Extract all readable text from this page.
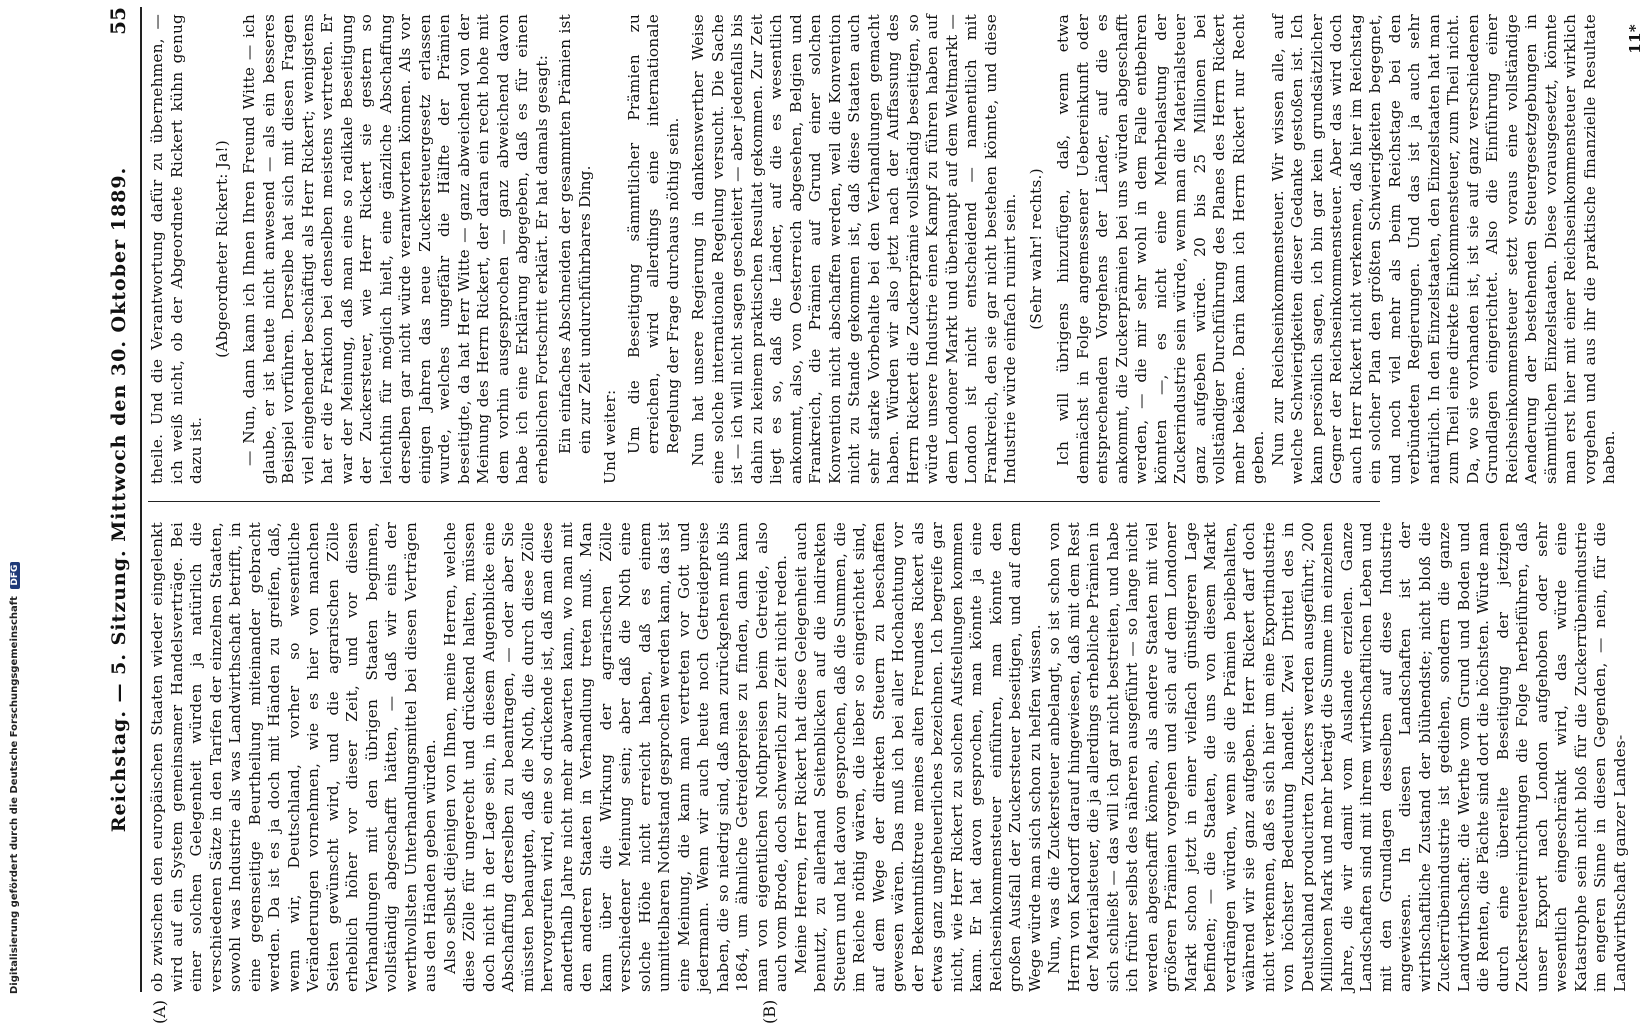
Reichstag. — 5. Sitzung. Mittwoch den 30. Oktober 1889.
55
(A)	(B)

ob zwischen den europäischen Staaten wieder eingelenkt wird auf ein System gemeinsamer Handelsverträge. Bei einer solchen Gelegenheit würden ja natürlich die verschiedenen Sätze in den Tarifen der einzelnen Staaten, sowohl was Industrie als was Landwirthschaft betrifft, in eine gegenseitige Beurtheilung miteinander gebracht werden. Da ist es ja doch mit Händen zu greifen, daß, wenn wir, Deutschland, vorher so wesentliche Veränderungen vornehmen, wie es hier von manchen Seiten gewünscht wird, und die agrarischen Zölle erheblich höher vor dieser Zeit, und vor diesen Verhandlungen mit den übrigen Staaten beginnen, vollständig abgeschafft hätten, — daß wir eins der werthvollsten Unterhandlungsmittel bei diesen Verträgen aus den Händen geben würden. Also selbst diejenigen von Ihnen, meine Herren, welche diese Zölle für ungerecht und drückend halten, müssen doch nicht in der Lage sein, in diesem Augenblicke eine Abschaffung derselben zu beantragen, — oder aber Sie müssten behaupten, daß die Noth, die durch diese Zölle hervorgerufen wird, eine so drückende ist, daß man diese anderthalb Jahre nicht mehr abwarten kann, wo man mit den anderen Staaten in Verhandlung treten muß. Man kann über die Wirkung der agrarischen Zölle verschiedener Meinung sein; aber daß die Noth eine solche Höhe nicht erreicht haben, daß es einem unmittelbaren Nothstand gesprochen werden kann, das ist eine Meinung, die kann man vertreten vor Gott und jedermann. Wenn wir auch heute noch Getreidepreise haben, die so niedrig sind, daß man zurückgehen muß bis 1864, um ähnliche Getreidepreise zu finden, dann kann man von eigentlichen Nothpreisen beim Getreide, also auch vom Brode, doch schwerlich zur Zeit nicht reden. Meine Herren, Herr Rickert hat diese Gelegenheit auch benutzt, zu allerhand Seitenblicken auf die indirekten Steuern und hat davon gesprochen, daß die Summen, die im Reiche nöthig wären, die lieber so eingerichtet sind, auf dem Wege der direkten Steuern zu beschaffen gewesen wären. Das muß ich bei aller Hochachtung vor der Bekenntnißtreue meines alten Freundes Rickert als etwas ganz ungeheuerliches bezeichnen. Ich begreife gar nicht, wie Herr Rickert zu solchen Aufstellungen kommen kann. Er hat davon gesprochen, man könnte ja eine Reichseinkommensteuer einführen, man könnte den großen Ausfall der Zuckersteuer beseitigen, und auf dem Wege würde man sich schon zu helfen wissen. Nun, was die Zuckersteuer anbelangt, so ist schon von Herrn von Kardorff darauf hingewiesen, daß mit dem Rest der Materialsteuer, die ja allerdings erhebliche Prämien in sich schließt — das will ich gar nicht bestreiten, und habe ich früher selbst des näheren ausgeführt — so lange nicht werden abgeschafft können, als andere Staaten mit viel größeren Prämien vorgehen und sich auf dem Londoner Markt schon jetzt in einer vielfach günstigeren Lage befinden; — die Staaten, die uns von diesem Markt verdrängen würden, wenn sie die Prämien beibehalten, während wir sie ganz aufgeben. Herr Rickert darf doch nicht verkennen, daß es sich hier um eine Exportindustrie von höchster Bedeutung handelt. Zwei Drittel des in Deutschland producirten Zuckers werden ausgeführt; 200 Millionen Mark und mehr beträgt die Summe im einzelnen Jahre, die wir damit vom Auslande erzielen. Ganze Landschaften sind mit ihrem wirthschaftlichen Leben und mit den Grundlagen desselben auf diese Industrie angewiesen. In diesen Landschaften ist der wirthschaftliche Zustand der blühendste; nicht bloß die Zuckerrübenindustrie ist gediehen, sondern die ganze Landwirthschaft: die Werthe vom Grund und Boden und die Renten, die Pächte sind dort die höchsten. Würde man durch eine übereilte Beseitigung der jetzigen Zuckersteuereinrichtungen die Folge herbeiführen, daß unser Export nach London aufgehoben oder sehr wesentlich eingeschränkt wird, das würde eine Katastrophe sein nicht bloß für die Zuckerrübenindustrie im engeren Sinne in diesen Gegenden, — nein, für die Landwirthschaft ganzer Landes-

theile. Und die Verantwortung dafür zu übernehmen, — ich weiß nicht, ob der Abgeordnete Rickert kühn genug dazu ist.

(Abgeordneter Rickert: Ja!) — Nun, dann kann ich Ihnen Ihren Freund Witte — ich glaube, er ist heute nicht anwesend — als ein besseres Beispiel vorführen. Derselbe hat sich mit diesen Fragen viel eingehender beschäftigt als Herr Rickert; wenigstens hat er die Fraktion bei denselben meistens vertreten. Er war der Meinung, daß man eine so radikale Beseitigung der Zuckersteuer, wie Herr Rickert sie gestern so leichthin für möglich hielt, eine gänzliche Abschaffung derselben gar nicht würde verantworten können. Als vor einigen Jahren das neue Zuckersteuergesetz erlassen wurde, welches ungefähr die Hälfte der Prämien beseitigte, da hat Herr Witte — ganz abweichend von der Meinung des Herrn Rickert, der daran ein recht hohe mit dem vorhin ausgesprochen — ganz abweichend davon habe ich eine Erklärung abgegeben, daß es für einen erheblichen Fortschritt erklärt. Er hat damals gesagt: Ein einfaches Abschneiden der gesammten Prämien ist ein zur Zeit undurchführbares Ding. Und weiter: Um die Beseitigung sämmtlicher Prämien zu erreichen, wird allerdings eine internationale Regelung der Frage durchaus nöthig sein. Nun hat unsere Regierung in dankenswerther Weise eine solche internationale Regelung versucht. Die Sache ist — ich will nicht sagen gescheitert — aber jedenfalls bis dahin zu keinem praktischen Resultat gekommen. Zur Zeit liegt es so, daß die Länder, auf die es wesentlich ankommt, also, von Oesterreich abgesehen, Belgien und Frankreich, die Prämien auf Grund einer solchen Konvention nicht abschaffen werden, weil die Konvention nicht zu Stande gekommen ist, daß diese Staaten auch sehr starke Vorbehalte bei den Verhandlungen gemacht haben. Würden wir also jetzt nach der Auffassung des Herrn Rickert die Zuckerprämie vollständig beseitigen, so würde unsere Industrie einen Kampf zu führen haben auf dem Londoner Markt und überhaupt auf dem Weltmarkt — London ist nicht entscheidend — namentlich mit Frankreich, den sie gar nicht bestehen könnte, und diese Industrie würde einfach ruinirt sein. (Sehr wahr! rechts.) Ich will übrigens hinzufügen, daß, wenn etwa demnächst in Folge angemessener Uebereinkunft oder entsprechenden Vorgehens der Länder, auf die es ankommt, die Zuckerprämien bei uns würden abgeschafft werden, — die mir sehr wohl in dem Falle entbehren könnten —, es nicht eine Mehrbelastung der Zuckerindustrie sein würde, wenn man die Materialsteuer ganz aufgeben würde. 20 bis 25 Millionen bei vollständiger Durchführung des Planes des Herrn Rickert mehr bekäme. Darin kann ich Herrn Rickert nur Recht geben. Nun zur Reichseinkommensteuer. Wir wissen alle, auf welche Schwierigkeiten dieser Gedanke gestoßen ist. Ich kann persönlich sagen, ich bin gar kein grundsätzlicher Gegner der Reichseinkommensteuer. Aber das wird doch auch Herr Rickert nicht verkennen, daß hier im Reichstag ein solcher Plan den größten Schwierigkeiten begegnet, und noch viel mehr als beim Reichstage bei den verbündeten Regierungen. Und das ist ja auch sehr natürlich. In den Einzelstaaten, den Einzelstaaten hat man zum Theil eine direkte Einkommensteuer, zum Theil nicht. Da, wo sie vorhanden ist, ist sie auf ganz verschiedenen Grundlagen eingerichtet. Also die Einführung einer Reichseinkommensteuer setzt voraus eine vollständige Aenderung der bestehenden Steuergesetzgebungen in sämmtlichen Einzelstaaten. Diese vorausgesetzt, könnte man erst hier mit einer Reichseinkommensteuer wirklich vorgehen und aus ihr die praktische finanzielle Resultate haben.

11*

Digitalisierung gefördert durch die Deutsche Forschungsgemeinschaft DFG
